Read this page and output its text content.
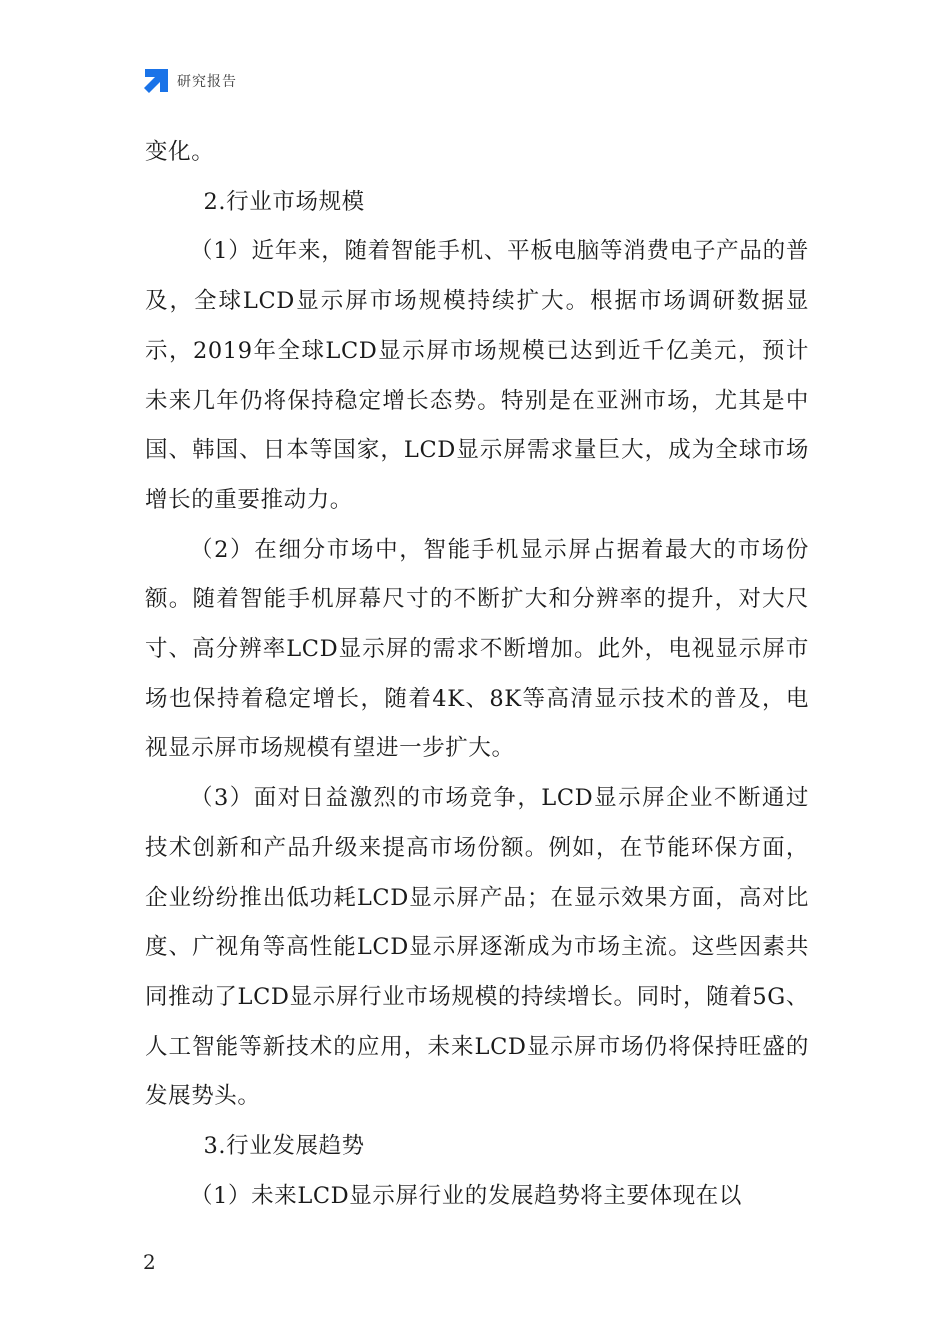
研究报告

变化。

2.行业市场规模

（1）近年来，随着智能手机、平板电脑等消费电子产品的普及，全球LCD显示屏市场规模持续扩大。根据市场调研数据显示，2019年全球LCD显示屏市场规模已达到近千亿美元，预计未来几年仍将保持稳定增长态势。特别是在亚洲市场，尤其是中国、韩国、日本等国家，LCD显示屏需求量巨大，成为全球市场增长的重要推动力。

（2）在细分市场中，智能手机显示屏占据着最大的市场份额。随着智能手机屏幕尺寸的不断扩大和分辨率的提升，对大尺寸、高分辨率LCD显示屏的需求不断增加。此外，电视显示屏市场也保持着稳定增长，随着4K、8K等高清显示技术的普及，电视显示屏市场规模有望进一步扩大。

（3）面对日益激烈的市场竞争，LCD显示屏企业不断通过技术创新和产品升级来提高市场份额。例如，在节能环保方面，企业纷纷推出低功耗LCD显示屏产品；在显示效果方面，高对比度、广视角等高性能LCD显示屏逐渐成为市场主流。这些因素共同推动了LCD显示屏行业市场规模的持续增长。同时，随着5G、人工智能等新技术的应用，未来LCD显示屏市场仍将保持旺盛的发展势头。

3.行业发展趋势

（1）未来LCD显示屏行业的发展趋势将主要体现在以

2
